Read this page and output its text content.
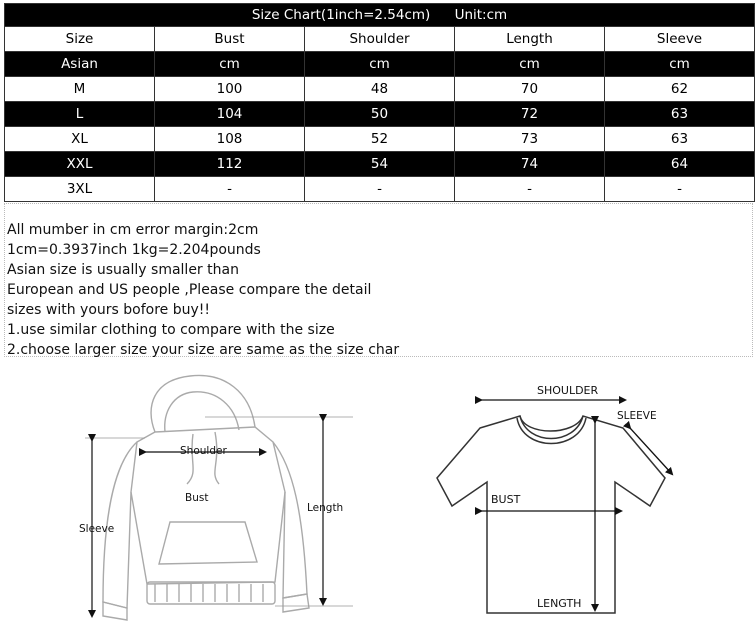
Size Chart(1inch=2.54cm) Unit:cm				
Size	Bust	Shoulder	Length	Sleeve
Asian	cm	cm	cm	cm
M	100	48	70	62
L	104	50	72	63
XL	108	52	73	63
XXL	112	54	74	64
3XL	-	-	-	-
All mumber in cm error margin:2cm
1cm=0.3937inch 1kg=2.204pounds
Asian size is usually smaller than
European and US people ,Please compare the detail
sizes with yours bofore buy!!
1.use similar clothing to compare with the size
2.choose larger size your size are same as the size char
Shoulder
Bust
Length
Sleeve
SHOULDER
SLEEVE
BUST
LENGTH
